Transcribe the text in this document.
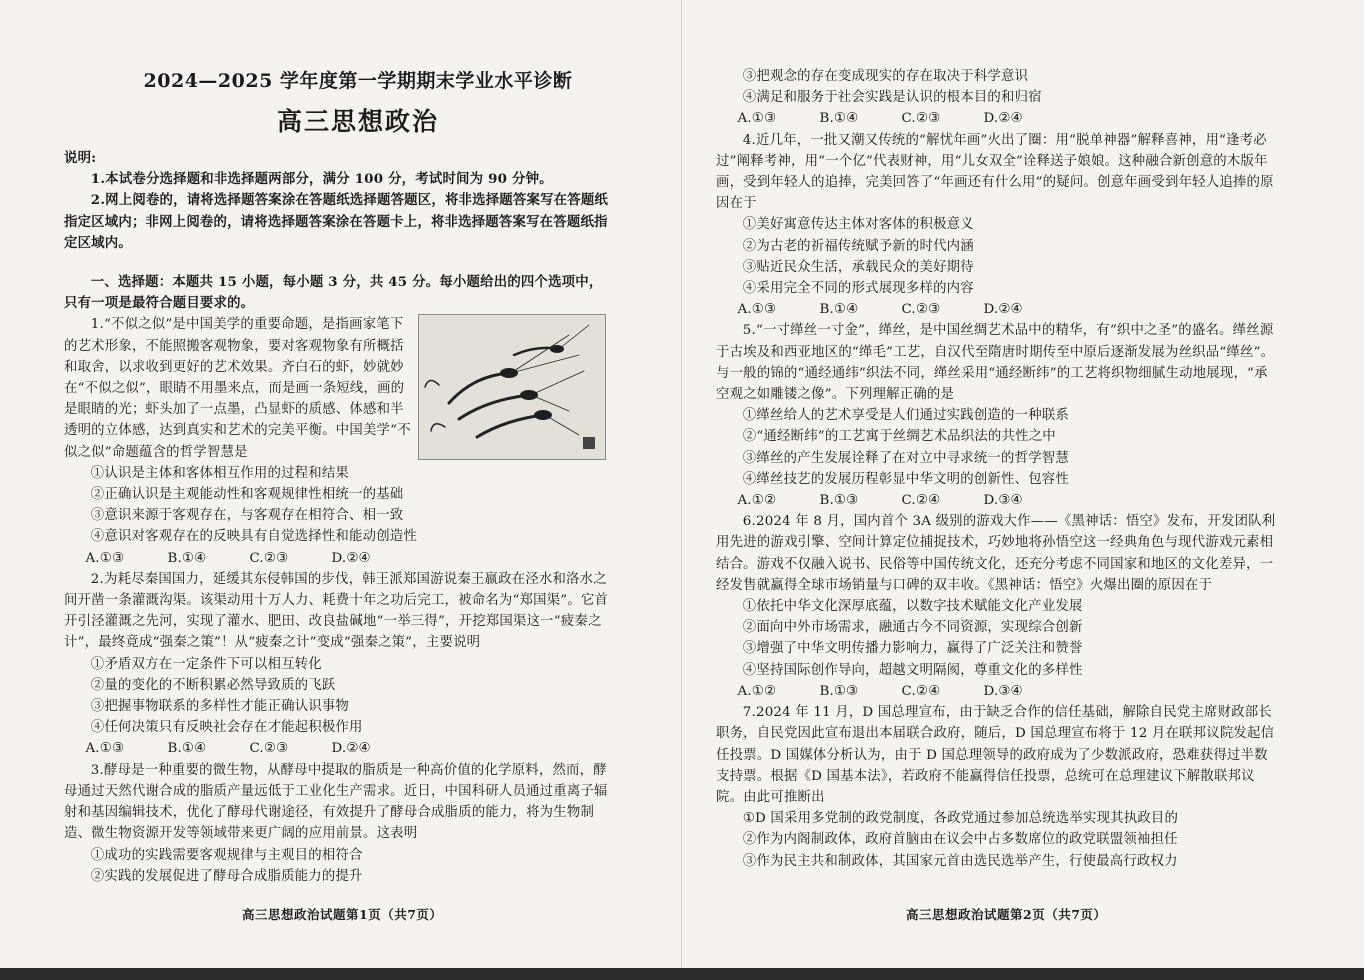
2024—2025 学年度第一学期期末学业水平诊断
高三思想政治

说明:

1.本试卷分选择题和非选择题两部分，满分 100 分，考试时间为 90 分钟。

2.网上阅卷的，请将选择题答案涂在答题纸选择题答题区，将非选择题答案写在答题纸指定区域内；非网上阅卷的，请将选择题答案涂在答题卡上，将非选择题答案写在答题纸指定区域内。

一、选择题：本题共 15 小题，每小题 3 分，共 45 分。每小题给出的四个选项中，只有一项是最符合题目要求的。

1.“不似之似”是中国美学的重要命题，是指画家笔下的艺术形象，不能照搬客观物象，要对客观物象有所概括和取舍，以求收到更好的艺术效果。齐白石的虾，妙就妙在“不似之似”，眼睛不用墨来点，而是画一条短线，画的是眼睛的光；虾头加了一点墨，凸显虾的质感、体感和半透明的立体感，达到真实和艺术的完美平衡。中国美学“不似之似”命题蕴含的哲学智慧是

①认识是主体和客体相互作用的过程和结果
②正确认识是主观能动性和客观规律性相统一的基础
③意识来源于客观存在，与客观存在相符合、相一致
④意识对客观存在的反映具有自觉选择性和能动创造性
A.①③	B.①④	C.②③	D.②④

2.为耗尽秦国国力，延缓其东侵韩国的步伐，韩王派郑国游说秦王嬴政在泾水和洛水之间开凿一条灌溉沟渠。该渠动用十万人力、耗费十年之功后完工，被命名为“郑国渠”。它首开引泾灌溉之先河，实现了灌水、肥田、改良盐碱地“一举三得”，开挖郑国渠这一“疲秦之计”，最终竟成“强秦之策”！从“疲秦之计”变成“强秦之策”，主要说明

①矛盾双方在一定条件下可以相互转化
②量的变化的不断积累必然导致质的飞跃
③把握事物联系的多样性才能正确认识事物
④任何决策只有反映社会存在才能起积极作用
A.①③	B.①④	C.②③	D.②④

3.酵母是一种重要的微生物，从酵母中提取的脂质是一种高价值的化学原料，然而，酵母通过天然代谢合成的脂质产量远低于工业化生产需求。近日，中国科研人员通过重离子辐射和基因编辑技术，优化了酵母代谢途径，有效提升了酵母合成脂质的能力，将为生物制造、微生物资源开发等领域带来更广阔的应用前景。这表明

①成功的实践需要客观规律与主观目的相符合
②实践的发展促进了酵母合成脂质能力的提升
高三思想政治试题第1页（共7页）
③把观念的存在变成现实的存在取决于科学意识
④满足和服务于社会实践是认识的根本目的和归宿
A.①③	B.①④	C.②③	D.②④

4.近几年，一批又潮又传统的“解忧年画”火出了圈：用“脱单神器”解释喜神，用“逢考必过”阐释考神，用“一个亿”代表财神，用“儿女双全”诠释送子娘娘。这种融合新创意的木版年画，受到年轻人的追捧，完美回答了“年画还有什么用”的疑问。创意年画受到年轻人追捧的原因在于

①美好寓意传达主体对客体的积极意义
②为古老的祈福传统赋予新的时代内涵
③贴近民众生活，承载民众的美好期待
④采用完全不同的形式展现多样的内容
A.①③	B.①④	C.②③	D.②④

5.“一寸缂丝一寸金”，缂丝，是中国丝绸艺术品中的精华，有“织中之圣”的盛名。缂丝源于古埃及和西亚地区的“缂毛”工艺，自汉代至隋唐时期传至中原后逐渐发展为丝织品“缂丝”。与一般的锦的“通经通纬”织法不同，缂丝采用“通经断纬”的工艺将织物细腻生动地展现，“承空观之如雕镂之像”。下列理解正确的是

①缂丝给人的艺术享受是人们通过实践创造的一种联系
②“通经断纬”的工艺寓于丝绸艺术品织法的共性之中
③缂丝的产生发展诠释了在对立中寻求统一的哲学智慧
④缂丝技艺的发展历程彰显中华文明的创新性、包容性
A.①②	B.①③	C.②④	D.③④

6.2024 年 8 月，国内首个 3A 级别的游戏大作——《黑神话：悟空》发布，开发团队利用先进的游戏引擎、空间计算定位捕捉技术，巧妙地将孙悟空这一经典角色与现代游戏元素相结合。游戏不仅融入说书、民俗等中国传统文化，还充分考虑不同国家和地区的文化差异，一经发售就赢得全球市场销量与口碑的双丰收。《黑神话：悟空》火爆出圈的原因在于

①依托中华文化深厚底蕴，以数字技术赋能文化产业发展
②面向中外市场需求，融通古今不同资源，实现综合创新
③增强了中华文明传播力影响力，赢得了广泛关注和赞誉
④坚持国际创作导向，超越文明隔阂，尊重文化的多样性
A.①②	B.①③	C.②④	D.③④

7.2024 年 11 月，D 国总理宣布，由于缺乏合作的信任基础，解除自民党主席财政部长职务，自民党因此宣布退出本届联合政府，随后，D 国总理宣布将于 12 月在联邦议院发起信任投票。D 国媒体分析认为，由于 D 国总理领导的政府成为了少数派政府，恐难获得过半数支持票。根据《D 国基本法》，若政府不能赢得信任投票，总统可在总理建议下解散联邦议院。由此可推断出

①D 国采用多党制的政党制度，各政党通过参加总统选举实现其执政目的
②作为内阁制政体，政府首脑由在议会中占多数席位的政党联盟领袖担任
③作为民主共和制政体，其国家元首由选民选举产生，行使最高行政权力
高三思想政治试题第2页（共7页）
